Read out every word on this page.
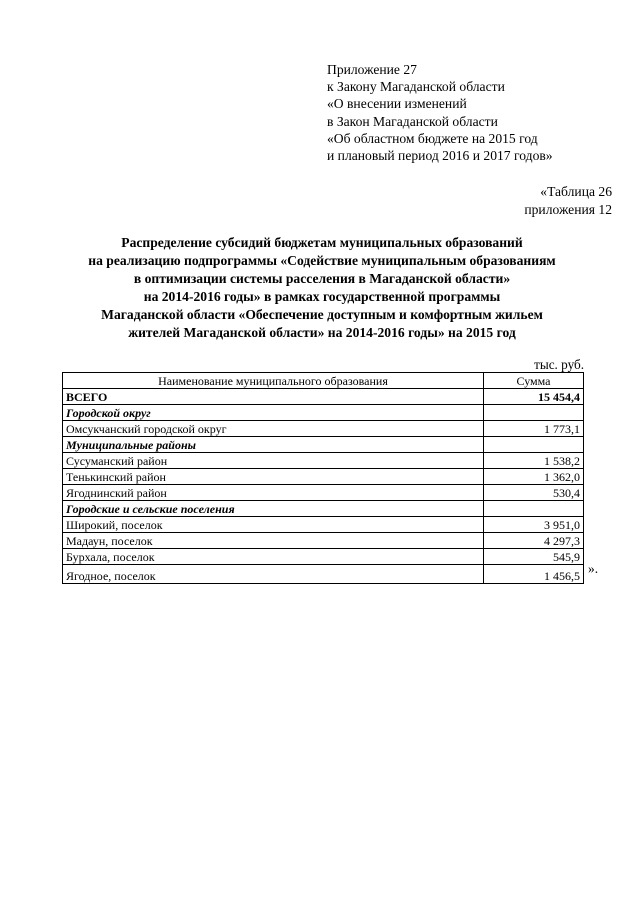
Приложение 27
к Закону Магаданской области
«О внесении изменений
в Закон Магаданской области
«Об областном бюджете на 2015 год
и плановый период 2016 и 2017 годов»
«Таблица 26
приложения 12
Распределение субсидий бюджетам муниципальных образований
на реализацию подпрограммы «Содействие муниципальным образованиям
в оптимизации системы расселения в Магаданской области»
на 2014-2016 годы» в рамках государственной программы
Магаданской области «Обеспечение доступным и комфортным жильем
жителей Магаданской области» на 2014-2016 годы» на 2015 год
тыс. руб.
Наименование муниципального образования	Сумма
ВСЕГО	15 454,4
Городской округ	
Омсукчанский городской округ	1 773,1
Муниципальные районы	
Сусуманский район	1 538,2
Тенькинский район	1 362,0
Ягоднинский район	530,4
Городские и сельские поселения	
Широкий, поселок	3 951,0
Мадаун, поселок	4 297,3
Бурхала, поселок	545,9
Ягодное, поселок	1 456,5 ».
